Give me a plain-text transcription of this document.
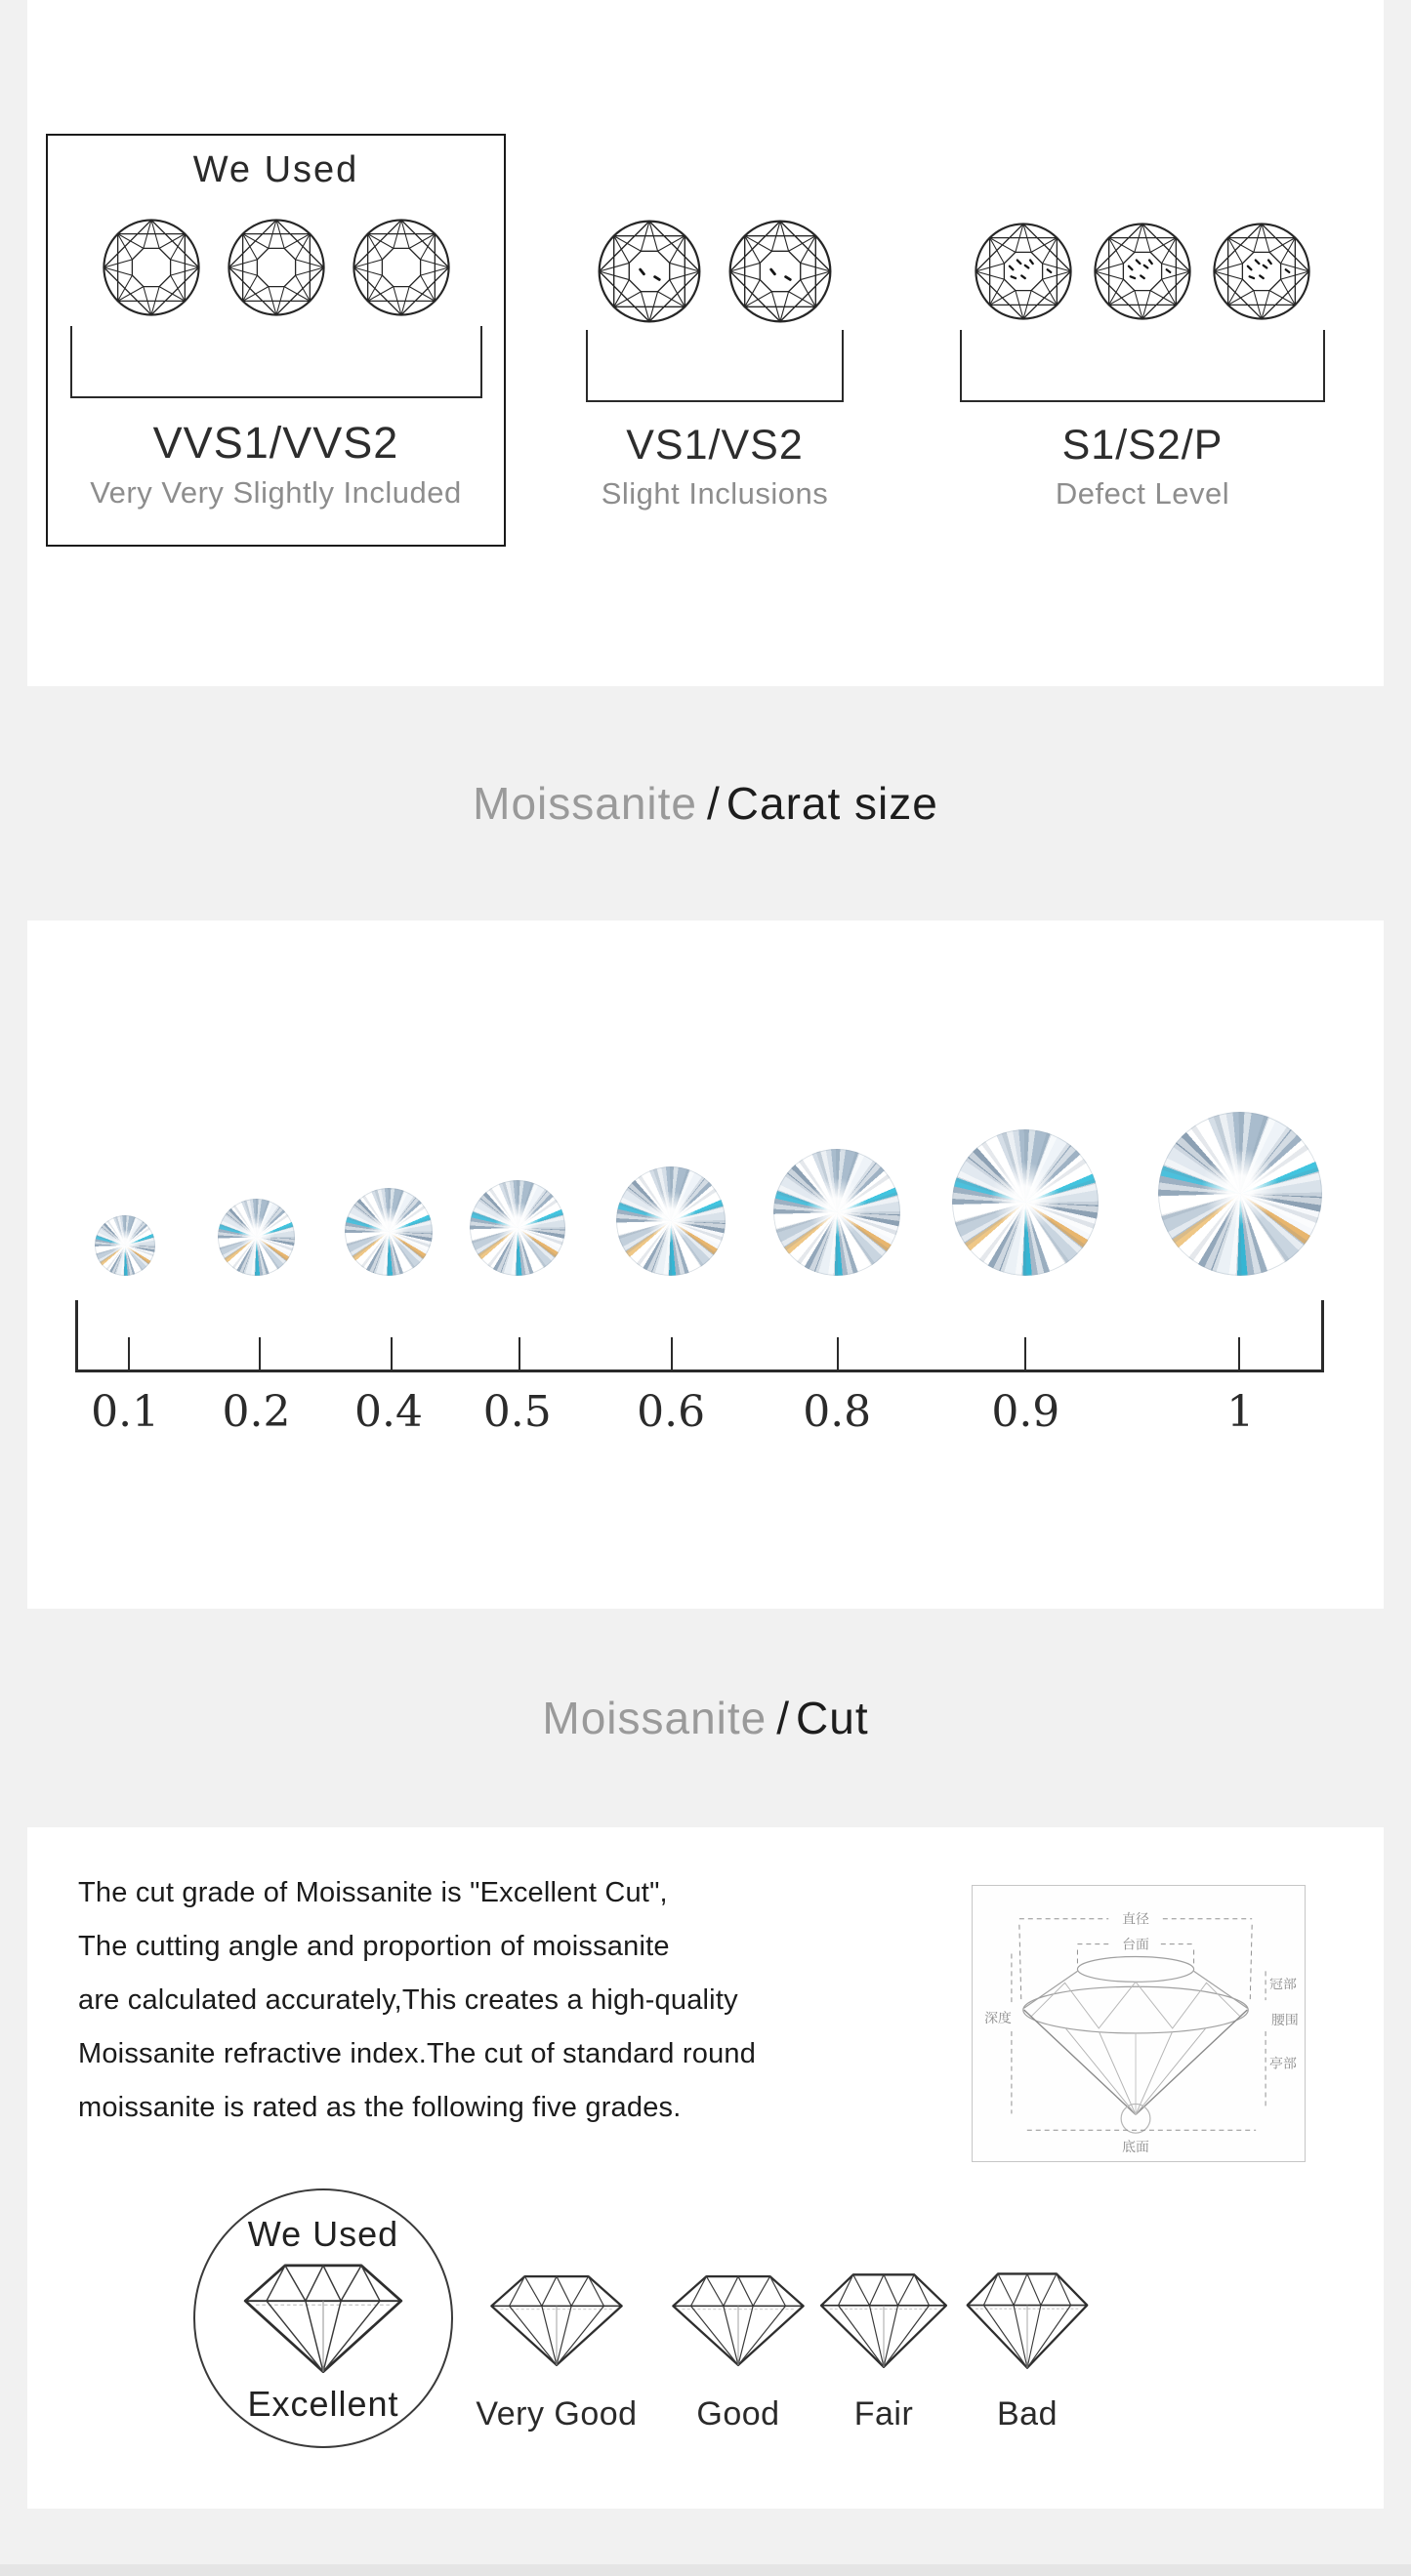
We Used
VVS1/VVS2
Very Very Slightly Included
VS1/VS2
Slight Inclusions
S1/S2/P
Defect Level
Moissanite / Carat size
0.1 0.2 0.4 0.5 0.6 0.8	0.9	1
Moissanite / Cut
The cut grade of Moissanite is "Excellent Cut",
The cutting angle and proportion of moissanite
are calculated accurately,This creates a high-quality
Moissanite refractive index.The cut of standard round
moissanite is rated as the following five grades.
直径
台面
深度
冠部
腰围
亭部
底面
We Used
Excellent	Very Good	Good	Fair	Bad
